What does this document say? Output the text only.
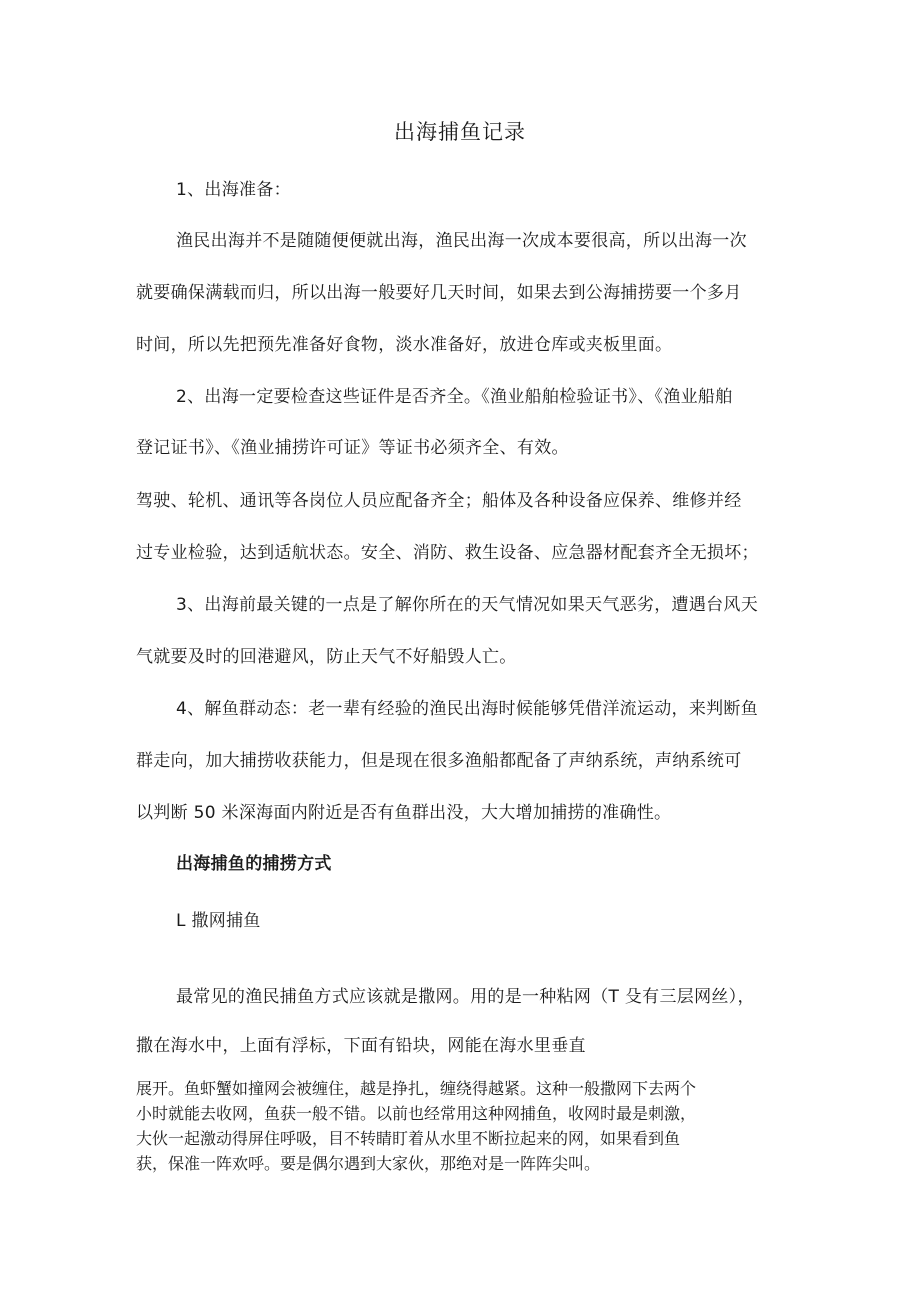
出海捕鱼记录
1、出海准备：
渔民出海并不是随随便便就出海，渔民出海一次成本要很高，所以出海一次
就要确保满载而归，所以出海一般要好几天时间，如果去到公海捕捞要一个多月
时间，所以先把预先准备好食物，淡水准备好，放进仓库或夹板里面。
2、出海一定要检查这些证件是否齐全。《渔业船舶检验证书》、《渔业船舶
登记证书》、《渔业捕捞许可证》等证书必须齐全、有效。
驾驶、轮机、通讯等各岗位人员应配备齐全；船体及各种设备应保养、维修并经
过专业检验，达到适航状态。安全、消防、救生设备、应急器材配套齐全无损坏；
3、出海前最关键的一点是了解你所在的天气情况如果天气恶劣，遭遇台风天
气就要及时的回港避风，防止天气不好船毁人亡。
4、解鱼群动态：老一辈有经验的渔民出海时候能够凭借洋流运动，来判断鱼
群走向，加大捕捞收获能力，但是现在很多渔船都配备了声纳系统，声纳系统可
以判断 50 米深海面内附近是否有鱼群出没，大大增加捕捞的准确性。
出海捕鱼的捕捞方式
L 撒网捕鱼
最常见的渔民捕鱼方式应该就是撒网。用的是一种粘网（T 殳有三层网丝），
撒在海水中，上面有浮标，下面有铅块，网能在海水里垂直
展开。鱼虾蟹如撞网会被缠住，越是挣扎，缠绕得越紧。这种一般撒网下去两个
小时就能去收网，鱼获一般不错。以前也经常用这种网捕鱼，收网时最是刺激，
大伙一起激动得屏住呼吸，目不转睛盯着从水里不断拉起来的网，如果看到鱼
获，保准一阵欢呼。要是偶尔遇到大家伙，那绝对是一阵阵尖叫。
